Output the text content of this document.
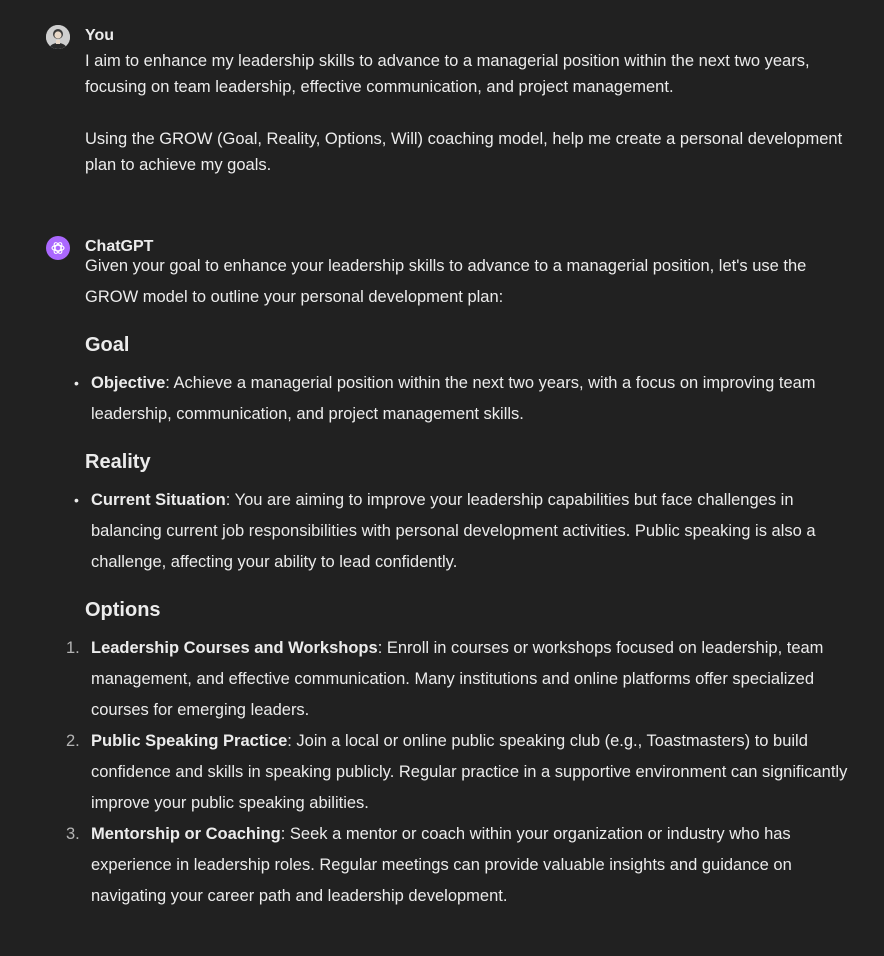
You

I aim to enhance my leadership skills to advance to a managerial position within the next two years, focusing on team leadership, effective communication, and project management.

Using the GROW (Goal, Reality, Options, Will) coaching model, help me create a personal development plan to achieve my goals.

ChatGPT

Given your goal to enhance your leadership skills to advance to a managerial position, let's use the GROW model to outline your personal development plan:

Goal
• Objective: Achieve a managerial position within the next two years, with a focus on improving team leadership, communication, and project management skills.
Reality
• Current Situation: You are aiming to improve your leadership capabilities but face challenges in balancing current job responsibilities with personal development activities. Public speaking is also a challenge, affecting your ability to lead confidently.
Options
1. Leadership Courses and Workshops: Enroll in courses or workshops focused on leadership, team management, and effective communication. Many institutions and online platforms offer specialized courses for emerging leaders.
2. Public Speaking Practice: Join a local or online public speaking club (e.g., Toastmasters) to build confidence and skills in speaking publicly. Regular practice in a supportive environment can significantly improve your public speaking abilities.
3. Mentorship or Coaching: Seek a mentor or coach within your organization or industry who has experience in leadership roles. Regular meetings can provide valuable insights and guidance on navigating your career path and leadership development.
